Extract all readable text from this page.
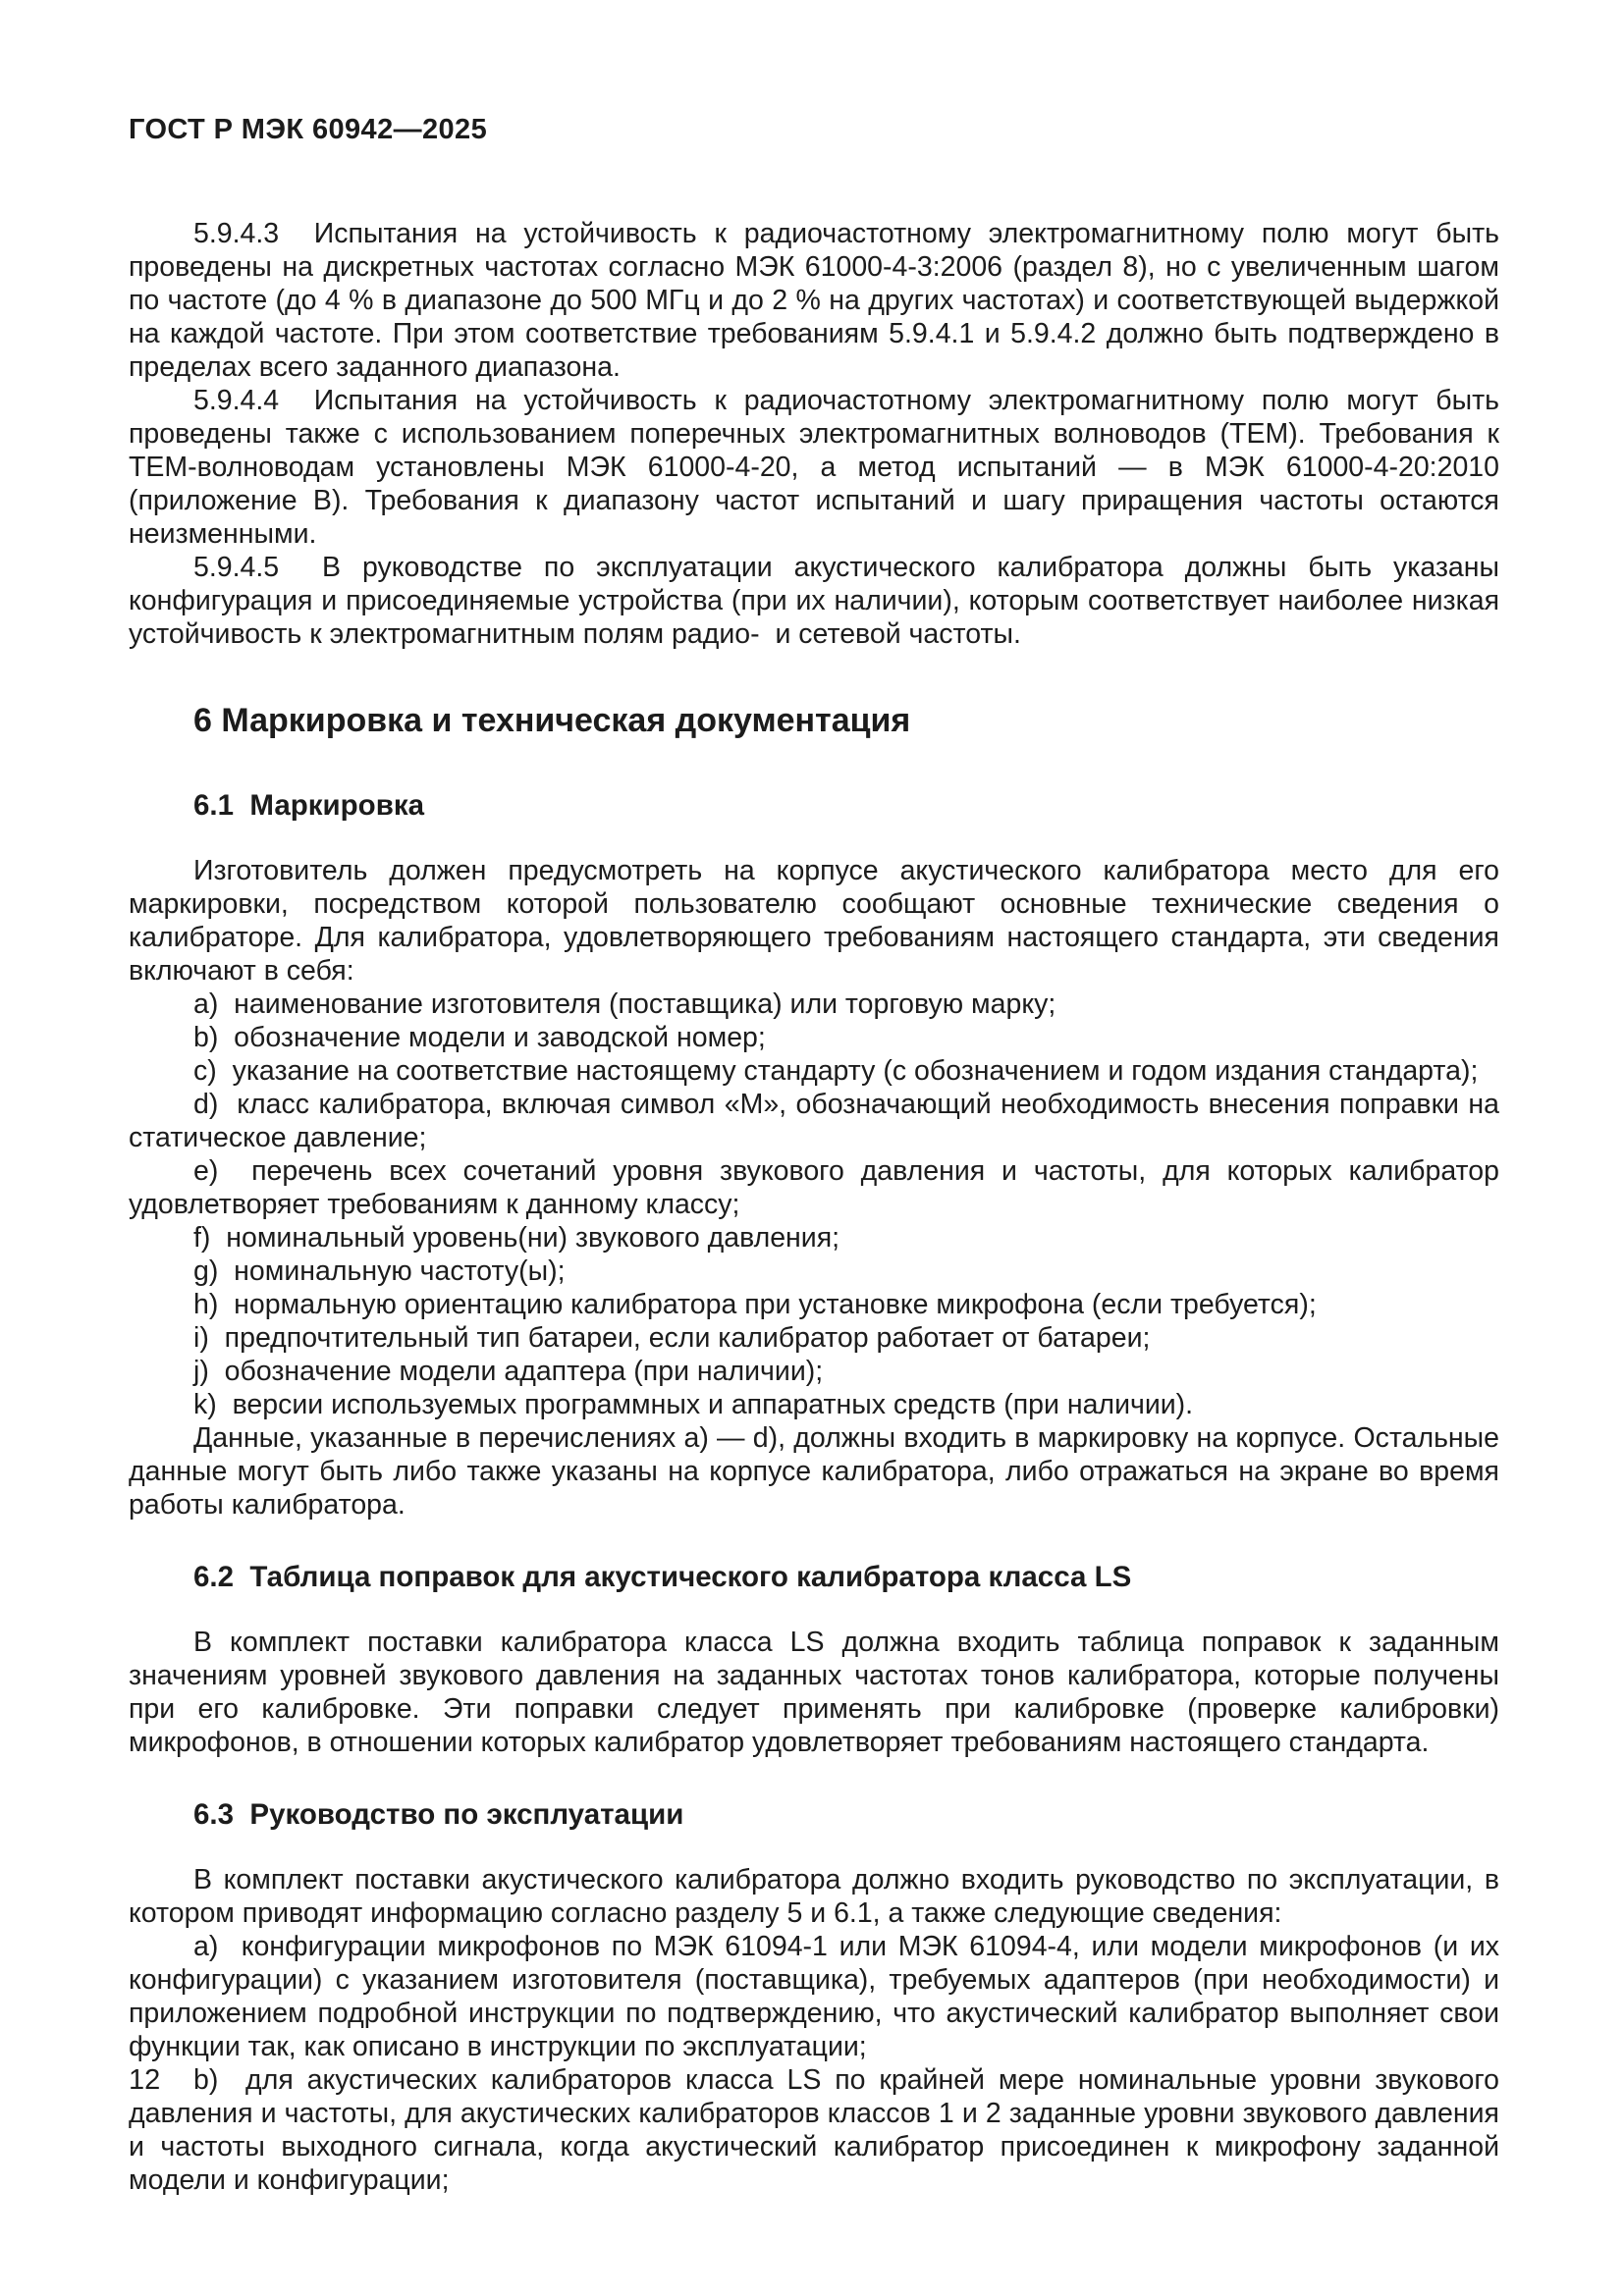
ГОСТ Р МЭК 60942—2025

5.9.4.3  Испытания на устойчивость к радиочастотному электромагнитному полю могут быть проведены на дискретных частотах согласно МЭК 61000-4-3:2006 (раздел 8), но с увеличенным шагом по частоте (до 4 % в диапазоне до 500 МГц и до 2 % на других частотах) и соответствующей выдержкой на каждой частоте. При этом соответствие требованиям 5.9.4.1 и 5.9.4.2 должно быть подтверждено в пределах всего заданного диапазона.

5.9.4.4  Испытания на устойчивость к радиочастотному электромагнитному полю могут быть проведены также с использованием поперечных электромагнитных волноводов (ТЕМ). Требования к ТЕМ-волноводам установлены МЭК 61000-4-20, а метод испытаний — в МЭК 61000-4-20:2010 (приложение В). Требования к диапазону частот испытаний и шагу приращения частоты остаются неизменными.

5.9.4.5  В руководстве по эксплуатации акустического калибратора должны быть указаны конфигурация и присоединяемые устройства (при их наличии), которым соответствует наиболее низкая устойчивость к электромагнитным полям радио-  и сетевой частоты.

6 Маркировка и техническая документация
6.1  Маркировка

Изготовитель должен предусмотреть на корпусе акустического калибратора место для его маркировки, посредством которой пользователю сообщают основные технические сведения о калибраторе. Для калибратора, удовлетворяющего требованиям настоящего стандарта, эти сведения включают в себя:

a)  наименование изготовителя (поставщика) или торговую марку;

b)  обозначение модели и заводской номер;

c)  указание на соответствие настоящему стандарту (с обозначением и годом издания стандарта);

d)  класс калибратора, включая символ «М», обозначающий необходимость внесения поправки на статическое давление;

e)  перечень всех сочетаний уровня звукового давления и частоты, для которых калибратор удовлетворяет требованиям к данному классу;

f)  номинальный уровень(ни) звукового давления;

g)  номинальную частоту(ы);

h)  нормальную ориентацию калибратора при установке микрофона (если требуется);

i)  предпочтительный тип батареи, если калибратор работает от батареи;

j)  обозначение модели адаптера (при наличии);

k)  версии используемых программных и аппаратных средств (при наличии).

Данные, указанные в перечислениях a) — d), должны входить в маркировку на корпусе. Остальные данные могут быть либо также указаны на корпусе калибратора, либо отражаться на экране во время работы калибратора.

6.2  Таблица поправок для акустического калибратора класса LS

В комплект поставки калибратора класса LS должна входить таблица поправок к заданным значениям уровней звукового давления на заданных частотах тонов калибратора, которые получены при его калибровке. Эти поправки следует применять при калибровке (проверке калибровки) микрофонов, в отношении которых калибратор удовлетворяет требованиям настоящего стандарта.

6.3  Руководство по эксплуатации

В комплект поставки акустического калибратора должно входить руководство по эксплуатации, в котором приводят информацию согласно разделу 5 и 6.1, а также следующие сведения:

a)  конфигурации микрофонов по МЭК 61094-1 или МЭК 61094-4, или модели микрофонов (и их конфигурации) с указанием изготовителя (поставщика), требуемых адаптеров (при необходимости) и приложением подробной инструкции по подтверждению, что акустический калибратор выполняет свои функции так, как описано в инструкции по эксплуатации;

b)  для акустических калибраторов класса LS по крайней мере номинальные уровни звукового давления и частоты, для акустических калибраторов классов 1 и 2 заданные уровни звукового давления и частоты выходного сигнала, когда акустический калибратор присоединен к микрофону заданной модели и конфигурации;

12
